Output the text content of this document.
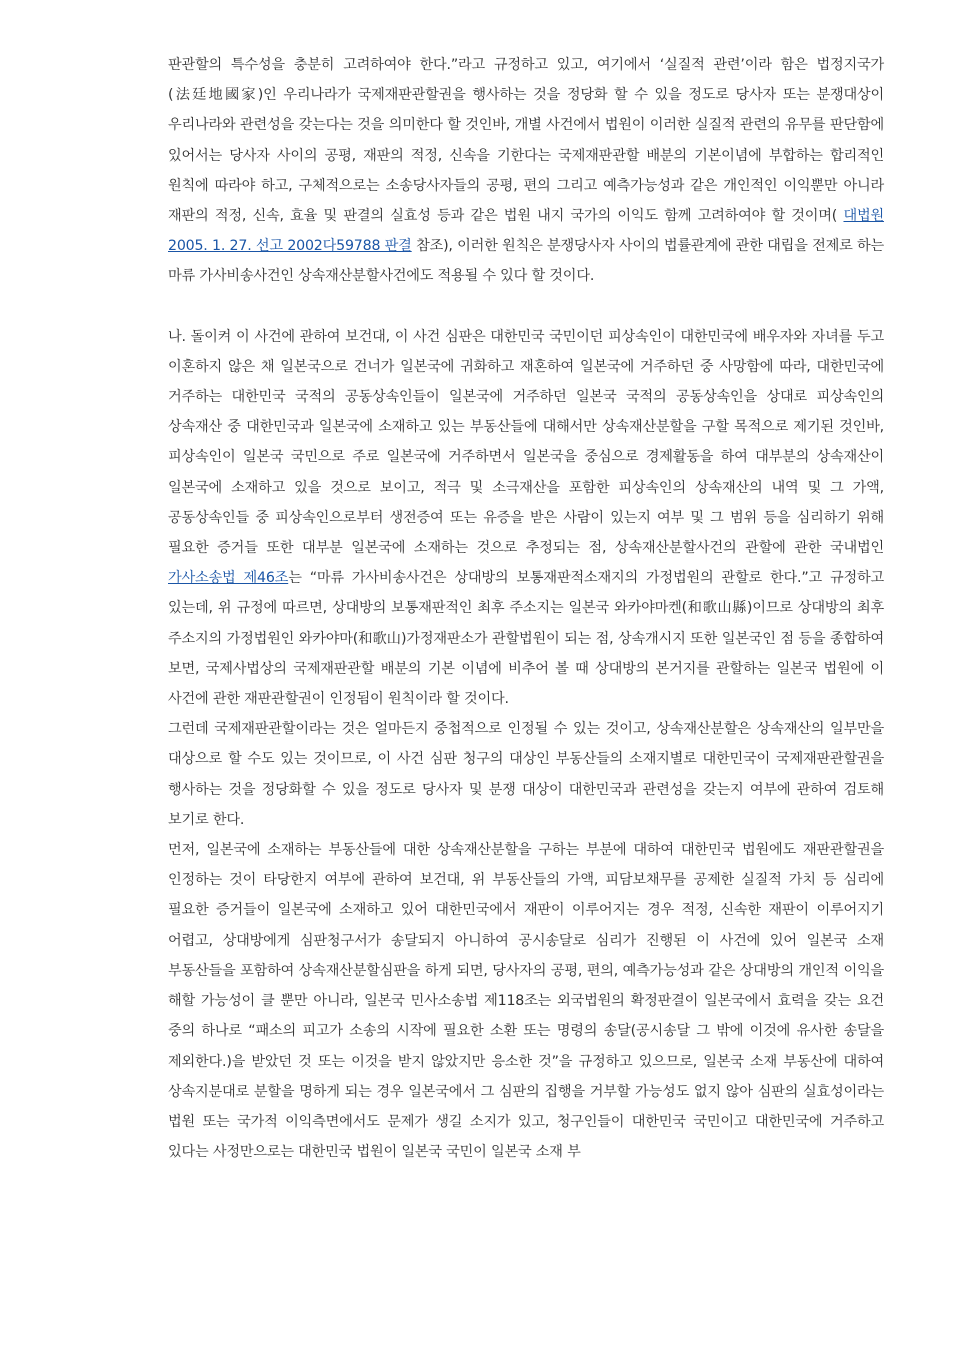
판관할의 특수성을 충분히 고려하여야 한다.”라고 규정하고 있고, 여기에서 ‘실질적 관련’이라 함은 법정지국가(法廷地國家)인 우리나라가 국제재판관할권을 행사하는 것을 정당화 할 수 있을 정도로 당사자 또는 분쟁대상이 우리나라와 관련성을 갖는다는 것을 의미한다 할 것인바, 개별 사건에서 법원이 이러한 실질적 관련의 유무를 판단함에 있어서는 당사자 사이의 공평, 재판의 적정, 신속을 기한다는 국제재판관할 배분의 기본이념에 부합하는 합리적인 원칙에 따라야 하고, 구체적으로는 소송당사자들의 공평, 편의 그리고 예측가능성과 같은 개인적인 이익뿐만 아니라 재판의 적정, 신속, 효율 및 판결의 실효성 등과 같은 법원 내지 국가의 이익도 함께 고려하여야 할 것이며( 대법원 2005. 1. 27. 선고 2002다59788 판결 참조), 이러한 원칙은 분쟁당사자 사이의 법률관계에 관한 대립을 전제로 하는 마류 가사비송사건인 상속재산분할사건에도 적용될 수 있다 할 것이다.

나. 돌이켜 이 사건에 관하여 보건대, 이 사건 심판은 대한민국 국민이던 피상속인이 대한민국에 배우자와 자녀를 두고 이혼하지 않은 채 일본국으로 건너가 일본국에 귀화하고 재혼하여 일본국에 거주하던 중 사망함에 따라, 대한민국에 거주하는 대한민국 국적의 공동상속인들이 일본국에 거주하던 일본국 국적의 공동상속인을 상대로 피상속인의 상속재산 중 대한민국과 일본국에 소재하고 있는 부동산들에 대해서만 상속재산분할을 구할 목적으로 제기된 것인바, 피상속인이 일본국 국민으로 주로 일본국에 거주하면서 일본국을 중심으로 경제활동을 하여 대부분의 상속재산이 일본국에 소재하고 있을 것으로 보이고, 적극 및 소극재산을 포함한 피상속인의 상속재산의 내역 및 그 가액, 공동상속인들 중 피상속인으로부터 생전증여 또는 유증을 받은 사람이 있는지 여부 및 그 범위 등을 심리하기 위해 필요한 증거들 또한 대부분 일본국에 소재하는 것으로 추정되는 점, 상속재산분할사건의 관할에 관한 국내법인 가사소송법 제46조는 “마류 가사비송사건은 상대방의 보통재판적소재지의 가정법원의 관할로 한다.”고 규정하고 있는데, 위 규정에 따르면, 상대방의 보통재판적인 최후 주소지는 일본국 와카야마켄(和歌山縣)이므로 상대방의 최후 주소지의 가정법원인 와카야마(和歌山)가정재판소가 관할법원이 되는 점, 상속개시지 또한 일본국인 점 등을 종합하여 보면, 국제사법상의 국제재판관할 배분의 기본 이념에 비추어 볼 때 상대방의 본거지를 관할하는 일본국 법원에 이 사건에 관한 재판관할권이 인정됨이 원칙이라 할 것이다.

그런데 국제재판관할이라는 것은 얼마든지 중첩적으로 인정될 수 있는 것이고, 상속재산분할은 상속재산의 일부만을 대상으로 할 수도 있는 것이므로, 이 사건 심판 청구의 대상인 부동산들의 소재지별로 대한민국이 국제재판관할권을 행사하는 것을 정당화할 수 있을 정도로 당사자 및 분쟁 대상이 대한민국과 관련성을 갖는지 여부에 관하여 검토해 보기로 한다.

먼저, 일본국에 소재하는 부동산들에 대한 상속재산분할을 구하는 부분에 대하여 대한민국 법원에도 재판관할권을 인정하는 것이 타당한지 여부에 관하여 보건대, 위 부동산들의 가액, 피담보채무를 공제한 실질적 가치 등 심리에 필요한 증거들이 일본국에 소재하고 있어 대한민국에서 재판이 이루어지는 경우 적정, 신속한 재판이 이루어지기 어렵고, 상대방에게 심판청구서가 송달되지 아니하여 공시송달로 심리가 진행된 이 사건에 있어 일본국 소재 부동산들을 포함하여 상속재산분할심판을 하게 되면, 당사자의 공평, 편의, 예측가능성과 같은 상대방의 개인적 이익을 해할 가능성이 클 뿐만 아니라, 일본국 민사소송법 제118조는 외국법원의 확정판결이 일본국에서 효력을 갖는 요건 중의 하나로 “패소의 피고가 소송의 시작에 필요한 소환 또는 명령의 송달(공시송달 그 밖에 이것에 유사한 송달을 제외한다.)을 받았던 것 또는 이것을 받지 않았지만 응소한 것”을 규정하고 있으므로, 일본국 소재 부동산에 대하여 상속지분대로 분할을 명하게 되는 경우 일본국에서 그 심판의 집행을 거부할 가능성도 없지 않아 심판의 실효성이라는 법원 또는 국가적 이익측면에서도 문제가 생길 소지가 있고, 청구인들이 대한민국 국민이고 대한민국에 거주하고 있다는 사정만으로는 대한민국 법원이 일본국 국민이 일본국 소재 부
